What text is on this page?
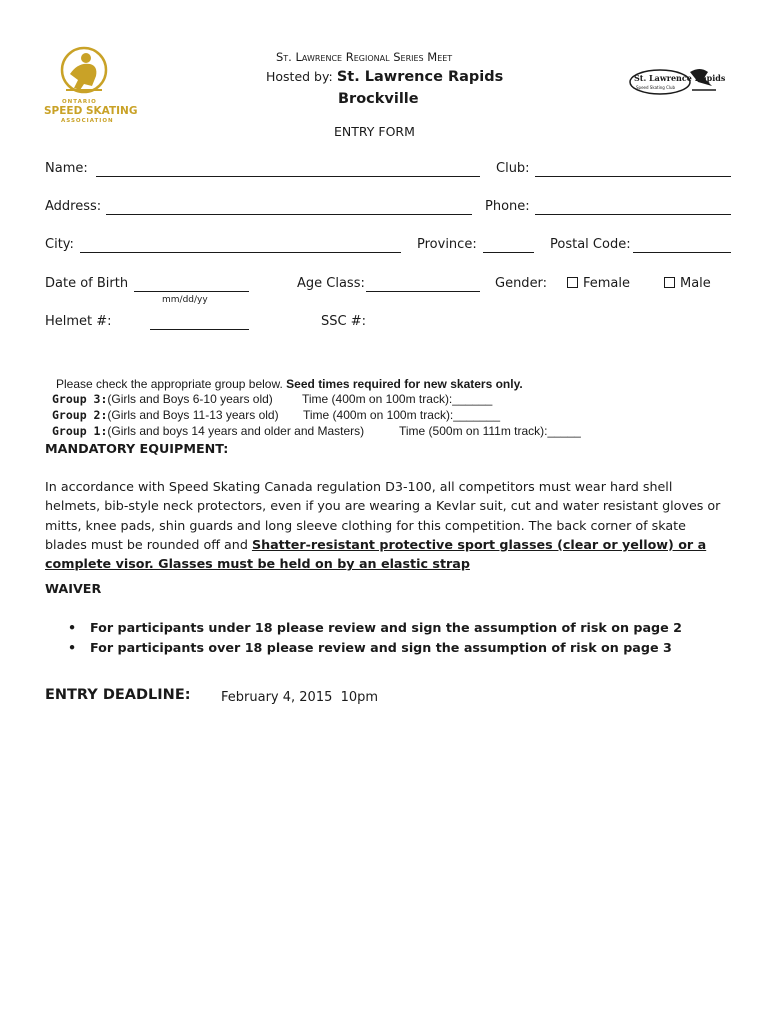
ONTARIO
SPEED SKATING
ASSOCIATION
St. Lawrence Regional Series Meet
Hosted by: St. Lawrence Rapids
Brockville
ENTRY FORM
St. Lawrence Rapids
Speed Skating Club
Name:	Club:
Address:	Phone:
City:	Province:	Postal Code:
Date of Birth
mm/dd/yy
Age Class:	Gender:	Female	Male
Helmet #:	SSC #:
Please check the appropriate group below. Seed times required for new skaters only.
Group 3:(Girls and Boys 6-10 years old) Time (400m on 100m track):______
Group 2:(Girls and Boys 11-13 years old) Time (400m on 100m track):_______
Group 1:(Girls and boys 14 years and older and Masters)	Time (500m on 111m track):_____
MANDATORY EQUIPMENT:
In accordance with Speed Skating Canada regulation D3-100, all competitors must wear hard shell helmets, bib-style neck protectors, even if you are wearing a Kevlar suit, cut and water resistant gloves or mitts, knee pads, shin guards and long sleeve clothing for this competition. The back corner of skate blades must be rounded off and Shatter-resistant protective sport glasses (clear or yellow) or a complete visor. Glasses must be held on by an elastic strap
WAIVER
• For participants under 18 please review and sign the assumption of risk on page 2
• For participants over 18 please review and sign the assumption of risk on page 3
ENTRY DEADLINE: February 4, 2015  10pm
